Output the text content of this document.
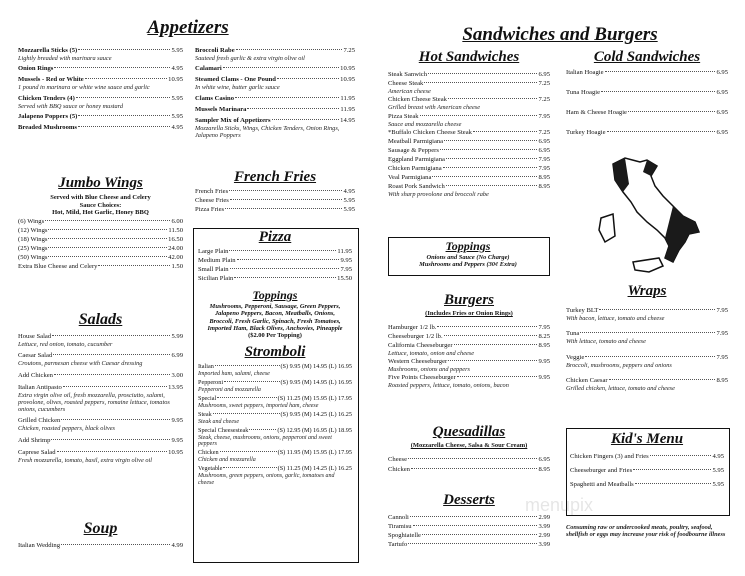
Appetizers
Mozzarella Sticks (5)	5.95
Lightly breaded with marinara sauce
Onion Rings	4.95
Mussels - Red or White	10.95
1 pound in marinara or white wine sauce and garlic
Chicken Tenders (4)	5.95
Served with BBQ sauce or honey mustard
Jalapeno Poppers (5)	5.95
Breaded Mushrooms	4.95
Jumbo Wings
Served with Blue Cheese and Celery
Sauce Choices:
Hot, Mild, Hot Garlic, Honey BBQ
(6) Wings	6.00
(12) Wings	11.50
(18) Wings	16.50
(25) Wings	24.00
(50) Wings	42.00
Extra Blue Cheese and Celery	1.50
Salads
House Salad	5.99
Lettuce, red onion, tomato, cucumber
Caesar Salad	6.99
Croutons, parmesan cheese with Caesar dressing
Add Chicken	3.00
Italian Antipasto	13.95
Extra virgin olive oil, fresh mozzarella, prosciutto, salami, provolone, olives, roasted peppers, romaine lettuce, tomatos onions, cucumbers
Grilled Chicken	9.95
Chicken, roasted peppers, black olives
Add Shrimp	9.95
Caprese Salad	10.95
Fresh mozzarella, tomato, basil, extra virgin olive oil
Soup
Italian Wedding	4.99
Broccoli Rabe	7.25
Sauteed fresh garlic & extra virgin olive oil
Calamari	10.95
Steamed Clams - One Pound	10.95
In white wine, butter garlic sauce
Clams Casino	11.95
Mussels Marinara	11.95
Sampler Mix of Appetizers	14.95
Mozzarella Sticks, Wings, Chicken Tenders, Onion Rings, Jalapeno Poppers
French Fries
French Fries	4.95
Cheese Fries	5.95
Pizza Fries	5.95
Pizza
Large Plain	11.95
Medium Plain	9.95
Small Plain	7.95
Sicilian Plain	15.50
Toppings
Mushrooms, Pepperoni, Sausage, Green Peppers, Jalapeno Peppers, Bacon, Meatballs, Onions, Broccoli, Fresh Garlic, Spinach, Fresh Tomatoes, Imported Ham, Black Olives, Anchovies, Pineapple
($2.00 Per Topping)
Stromboli
Italian	(S) 9.95 (M) 14.95 (L) 16.95
Imported ham, salami, cheese
Pepperoni	(S) 9.95 (M) 14.95 (L) 16.95
Pepperoni and mozzarella
Special	(S) 11.25 (M) 15.95 (L) 17.95
Mushrooms, sweet peppers, imported ham, cheese
Steak	(S) 9.95 (M) 14.25 (L) 16.25
Steak and cheese
Special Cheesesteak	(S) 12.95 (M) 16.95 (L) 18.95
Steak, cheese, mushrooms, onions, pepperoni and sweet peppers
Chicken	(S) 11.95 (M) 15.95 (L) 17.95
Chicken and mozzarella
Vegetable	(S) 11.25 (M) 14.25 (L) 16.25
Mushrooms, green peppers, onions, garlic, tomatoes and cheese
Sandwiches and Burgers
Hot Sandwiches
Steak Sanwich	6.95
Cheese Steak	7.25
American cheese
Chicken Cheese Steak	7.25
Grilled breast with American cheese
Pizza Steak	7.95
Sauce and mozzarella cheese
*Buffalo Chicken Cheese Steak	7.25
Meatball Parmigiana	6.95
Sausage & Peppers	6.95
Eggpland Parmigiana	7.95
Chicken Parmigiana	7.95
Veal Parmigiana	8.95
Roast Pork Sandwich	8.95
With sharp provolone and broccoli rabe
Toppings
Onions and Sauce (No Charge)
Mushrooms and Peppers (30¢ Extra)
Burgers
(Includes Fries or Onion Rings)
Hamburger 1/2 lb.	7.95
Cheeseburger 1/2 lb.	8.25
California Cheeseburger	8.95
Lettuce, tomato, onion and cheese
Western Cheeseburger	9.95
Mushrooms, onions and peppers
Five Points Cheeseburger	9.95
Roasted peppers, lettuce, tomato, onions, bacon
Quesadillas
(Mozzarella Cheese, Salsa & Sour Cream)
Cheese	6.95
Chicken	8.95
Desserts
Cannoli	2.99
Tiramisu	3.99
Spoghiatelle	2.99
Tartufo	3.99
Cold Sandwiches
Italian Hoagie	6.95
Tuna Hoagie	6.95
Ham & Cheese Hoagie	6.95
Turkey Hoagie	6.95
Wraps
Turkey BLT	7.95
With bacon, lettuce, tomato and cheese
Tuna	7.95
With lettuce, tomato and cheese
Veggie	7.95
Broccoli, mushrooms, peppers and onions
Chicken Caesar	8.95
Grilled chicken, lettuce, tomato and cheese
Kid's Menu
Chicken Fingers (3) and Fries	4.95
Cheeseburger and Fries	5.95
Spaghetti and Meatballs	5.95
Consuming raw or undercooked meats, poultry, seafood, shellfish or eggs may increase your risk of foodbourne illness
menupix
